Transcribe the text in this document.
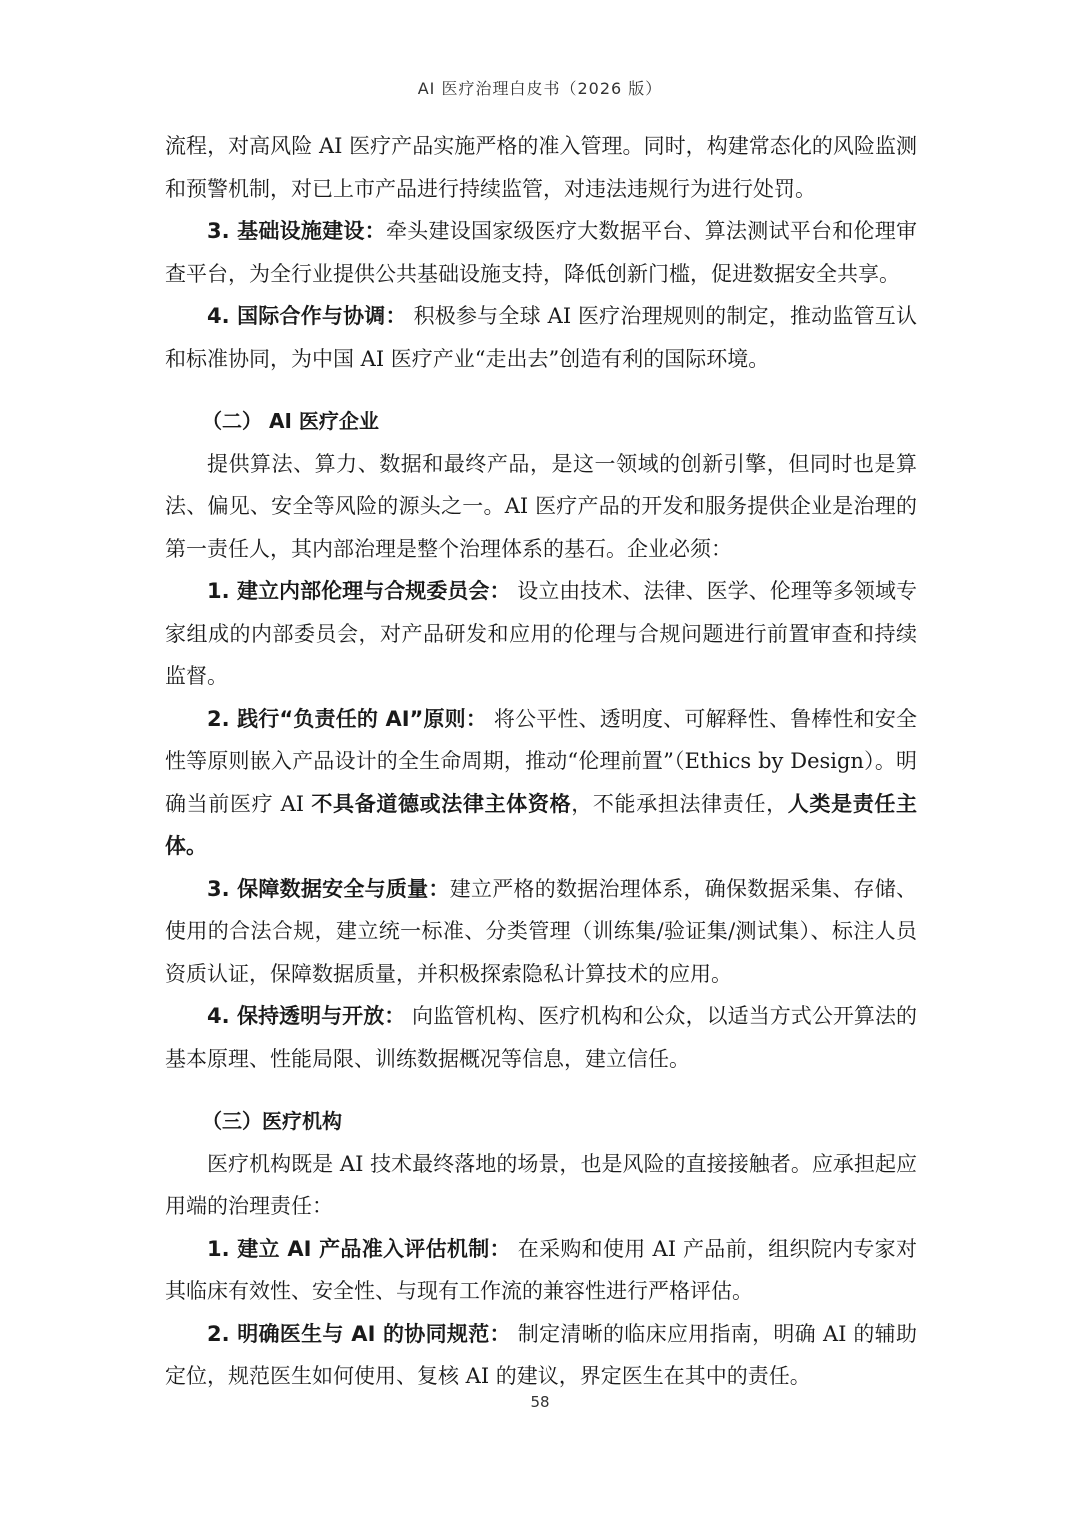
AI 医疗治理白皮书（2026 版）

流程，对高风险 AI 医疗产品实施严格的准入管理。同时，构建常态化的风险监测和预警机制，对已上市产品进行持续监管，对违法违规行为进行处罚。

3. 基础设施建设：牵头建设国家级医疗大数据平台、算法测试平台和伦理审查平台，为全行业提供公共基础设施支持，降低创新门槛，促进数据安全共享。

4. 国际合作与协调： 积极参与全球 AI 医疗治理规则的制定，推动监管互认和标准协同，为中国 AI 医疗产业“走出去”创造有利的国际环境。

（二） AI 医疗企业

提供算法、算力、数据和最终产品，是这一领域的创新引擎，但同时也是算法、偏见、安全等风险的源头之一。AI 医疗产品的开发和服务提供企业是治理的第一责任人，其内部治理是整个治理体系的基石。企业必须：

1. 建立内部伦理与合规委员会： 设立由技术、法律、医学、伦理等多领域专家组成的内部委员会，对产品研发和应用的伦理与合规问题进行前置审查和持续监督。

2. 践行“负责任的 AI”原则： 将公平性、透明度、可解释性、鲁棒性和安全性等原则嵌入产品设计的全生命周期，推动“伦理前置”（Ethics by Design）。明确当前医疗 AI 不具备道德或法律主体资格，不能承担法律责任，人类是责任主体。

3. 保障数据安全与质量：建立严格的数据治理体系，确保数据采集、存储、使用的合法合规，建立统一标准、分类管理（训练集/验证集/测试集）、标注人员资质认证，保障数据质量，并积极探索隐私计算技术的应用。

4. 保持透明与开放： 向监管机构、医疗机构和公众，以适当方式公开算法的基本原理、性能局限、训练数据概况等信息，建立信任。

（三）医疗机构

医疗机构既是 AI 技术最终落地的场景，也是风险的直接接触者。应承担起应用端的治理责任：

1. 建立 AI 产品准入评估机制： 在采购和使用 AI 产品前，组织院内专家对其临床有效性、安全性、与现有工作流的兼容性进行严格评估。

2. 明确医生与 AI 的协同规范： 制定清晰的临床应用指南，明确 AI 的辅助定位，规范医生如何使用、复核 AI 的建议，界定医生在其中的责任。

58
